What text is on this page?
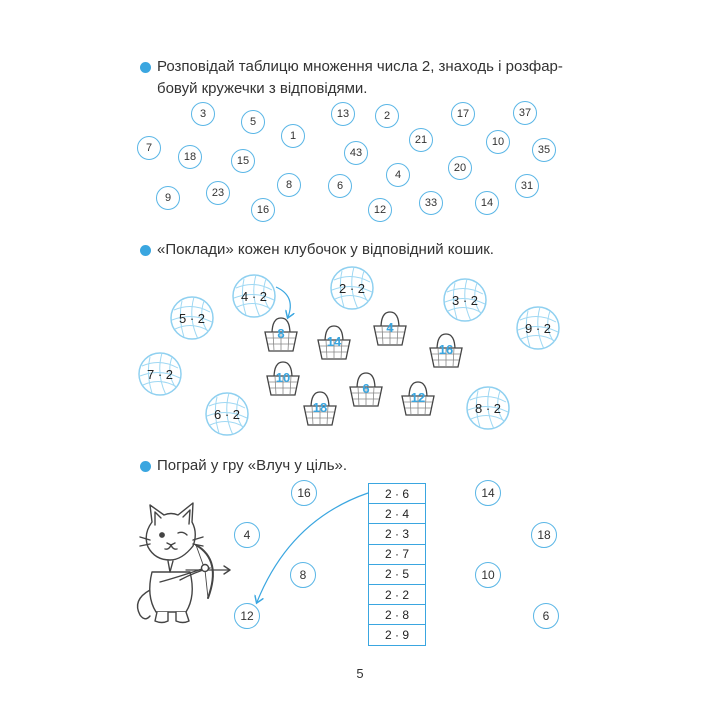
Розповідай таблицю множення числа 2, знаходь і розфар-
бовуй кружечки з відповідями.
3
5
1
13	2	17	37
7
18	15
43
21	10
35
8	6
4
20
9	23
16	12
33	14
31
«Поклади» кожен клубочок у відповідний кошик.
4 · 2
2 · 2
3 · 2
5 · 2
9 · 2
7 · 2
6 · 2	8 · 2
8
14
4
16
10
6
12
18
Пограй у гру «Влуч у ціль».
2 · 6
2 · 4
2 · 3
2 · 7
2 · 5
2 · 2
2 · 8
2 · 9
16	14
4	18
8	10
12	6
5
